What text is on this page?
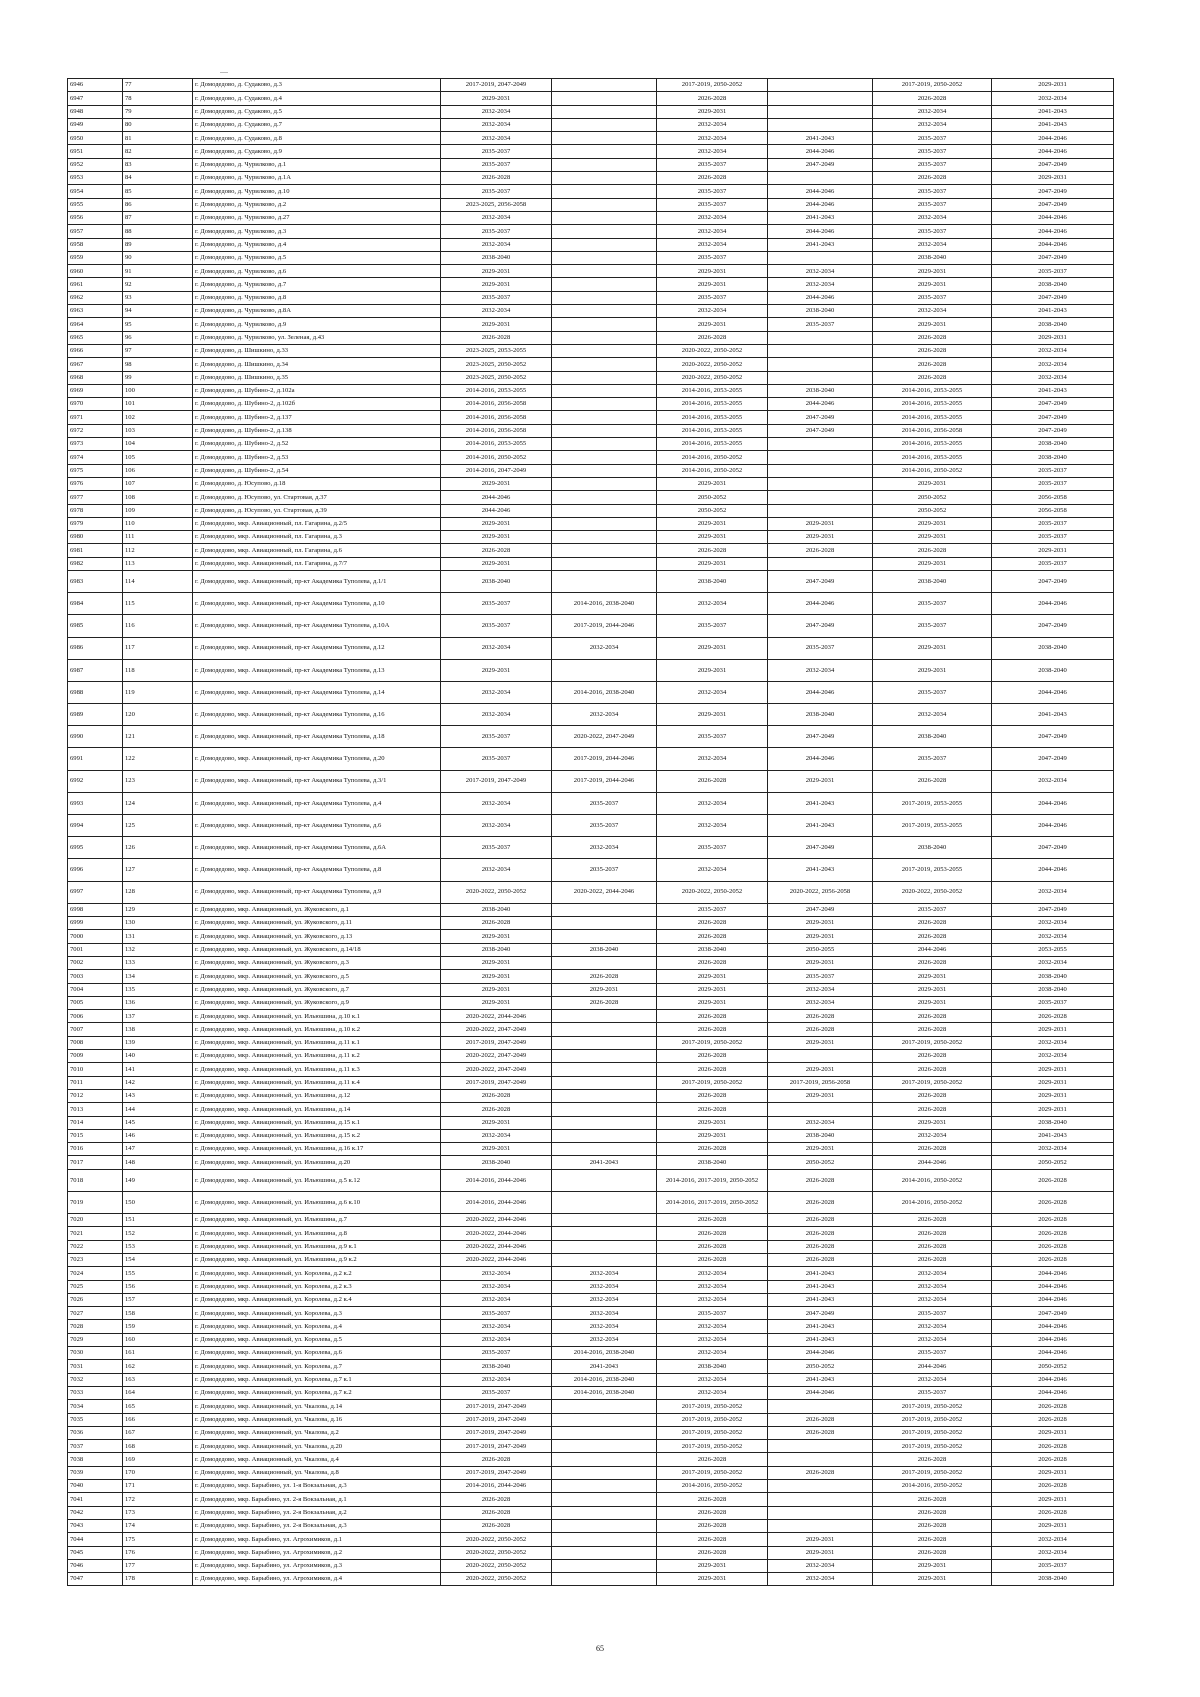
6946	77	г. Домодедово, д. Судаково, д.3	2017-2019, 2047-2049		2017-2019, 2050-2052		2017-2019, 2050-2052	2029-2031
6947	78	г. Домодедово, д. Судаково, д.4	2029-2031		2026-2028		2026-2028	2032-2034
6948	79	г. Домодедово, д. Судаково, д.5	2032-2034		2029-2031		2032-2034	2041-2043
6949	80	г. Домодедово, д. Судаково, д.7	2032-2034		2032-2034		2032-2034	2041-2043
6950	81	г. Домодедово, д. Судаково, д.8	2032-2034		2032-2034	2041-2043	2035-2037	2044-2046
6951	82	г. Домодедово, д. Судаково, д.9	2035-2037		2032-2034	2044-2046	2035-2037	2044-2046
6952	83	г. Домодедово, д. Чурилково, д.1	2035-2037		2035-2037	2047-2049	2035-2037	2047-2049
6953	84	г. Домодедово, д. Чурилково, д.1А	2026-2028		2026-2028		2026-2028	2029-2031
6954	85	г. Домодедово, д. Чурилково, д.10	2035-2037		2035-2037	2044-2046	2035-2037	2047-2049
6955	86	г. Домодедово, д. Чурилково, д.2	2023-2025, 2056-2058		2035-2037	2044-2046	2035-2037	2047-2049
6956	87	г. Домодедово, д. Чурилково, д.27	2032-2034		2032-2034	2041-2043	2032-2034	2044-2046
6957	88	г. Домодедово, д. Чурилково, д.3	2035-2037		2032-2034	2044-2046	2035-2037	2044-2046
6958	89	г. Домодедово, д. Чурилково, д.4	2032-2034		2032-2034	2041-2043	2032-2034	2044-2046
6959	90	г. Домодедово, д. Чурилково, д.5	2038-2040		2035-2037		2038-2040	2047-2049
6960	91	г. Домодедово, д. Чурилково, д.6	2029-2031		2029-2031	2032-2034	2029-2031	2035-2037
6961	92	г. Домодедово, д. Чурилково, д.7	2029-2031		2029-2031	2032-2034	2029-2031	2038-2040
6962	93	г. Домодедово, д. Чурилково, д.8	2035-2037		2035-2037	2044-2046	2035-2037	2047-2049
6963	94	г. Домодедово, д. Чурилково, д.8А	2032-2034		2032-2034	2038-2040	2032-2034	2041-2043
6964	95	г. Домодедово, д. Чурилково, д.9	2029-2031		2029-2031	2035-2037	2029-2031	2038-2040
6965	96	г. Домодедово, д. Чурилково, ул. Зеленая, д.43	2026-2028		2026-2028		2026-2028	2029-2031
6966	97	г. Домодедово, д. Шишкино, д.33	2023-2025, 2053-2055		2020-2022, 2050-2052		2026-2028	2032-2034
6967	98	г. Домодедово, д. Шишкино, д.34	2023-2025, 2050-2052		2020-2022, 2050-2052		2026-2028	2032-2034
6968	99	г. Домодедово, д. Шишкино, д.35	2023-2025, 2050-2052		2020-2022, 2050-2052		2026-2028	2032-2034
6969	100	г. Домодедово, д. Шубино-2, д.102а	2014-2016, 2053-2055		2014-2016, 2053-2055	2038-2040	2014-2016, 2053-2055	2041-2043
6970	101	г. Домодедово, д. Шубино-2, д.102б	2014-2016, 2056-2058		2014-2016, 2053-2055	2044-2046	2014-2016, 2053-2055	2047-2049
6971	102	г. Домодедово, д. Шубино-2, д.137	2014-2016, 2056-2058		2014-2016, 2053-2055	2047-2049	2014-2016, 2053-2055	2047-2049
6972	103	г. Домодедово, д. Шубино-2, д.138	2014-2016, 2056-2058		2014-2016, 2053-2055	2047-2049	2014-2016, 2056-2058	2047-2049
6973	104	г. Домодедово, д. Шубино-2, д.52	2014-2016, 2053-2055		2014-2016, 2053-2055		2014-2016, 2053-2055	2038-2040
6974	105	г. Домодедово, д. Шубино-2, д.53	2014-2016, 2050-2052		2014-2016, 2050-2052		2014-2016, 2053-2055	2038-2040
6975	106	г. Домодедово, д. Шубино-2, д.54	2014-2016, 2047-2049		2014-2016, 2050-2052		2014-2016, 2050-2052	2035-2037
6976	107	г. Домодедово, д. Юсупово, д.18	2029-2031		2029-2031		2029-2031	2035-2037
6977	108	г. Домодедово, д. Юсупово, ул. Стартовая, д.37	2044-2046		2050-2052		2050-2052	2056-2058
6978	109	г. Домодедово, д. Юсупово, ул. Стартовая, д.39	2044-2046		2050-2052		2050-2052	2056-2058
6979	110	г. Домодедово, мкр. Авиационный, пл. Гагарина, д.2/5	2029-2031		2029-2031	2029-2031	2029-2031	2035-2037
6980	111	г. Домодедово, мкр. Авиационный, пл. Гагарина, д.3	2029-2031		2029-2031	2029-2031	2029-2031	2035-2037
6981	112	г. Домодедово, мкр. Авиационный, пл. Гагарина, д.6	2026-2028		2026-2028	2026-2028	2026-2028	2029-2031
6982	113	г. Домодедово, мкр. Авиационный, пл. Гагарина, д.7/7	2029-2031		2029-2031		2029-2031	2035-2037
6983	114	г. Домодедово, мкр. Авиационный, пр-кт Академика Туполева, д.1/1	2038-2040		2038-2040	2047-2049	2038-2040	2047-2049
6984	115	г. Домодедово, мкр. Авиационный, пр-кт Академика Туполева, д.10	2035-2037	2014-2016, 2038-2040	2032-2034	2044-2046	2035-2037	2044-2046
6985	116	г. Домодедово, мкр. Авиационный, пр-кт Академика Туполева, д.10А	2035-2037	2017-2019, 2044-2046	2035-2037	2047-2049	2035-2037	2047-2049
6986	117	г. Домодедово, мкр. Авиационный, пр-кт Академика Туполева, д.12	2032-2034	2032-2034	2029-2031	2035-2037	2029-2031	2038-2040
6987	118	г. Домодедово, мкр. Авиационный, пр-кт Академика Туполева, д.13	2029-2031		2029-2031	2032-2034	2029-2031	2038-2040
6988	119	г. Домодедово, мкр. Авиационный, пр-кт Академика Туполева, д.14	2032-2034	2014-2016, 2038-2040	2032-2034	2044-2046	2035-2037	2044-2046
6989	120	г. Домодедово, мкр. Авиационный, пр-кт Академика Туполева, д.16	2032-2034	2032-2034	2029-2031	2038-2040	2032-2034	2041-2043
6990	121	г. Домодедово, мкр. Авиационный, пр-кт Академика Туполева, д.18	2035-2037	2020-2022, 2047-2049	2035-2037	2047-2049	2038-2040	2047-2049
6991	122	г. Домодедово, мкр. Авиационный, пр-кт Академика Туполева, д.20	2035-2037	2017-2019, 2044-2046	2032-2034	2044-2046	2035-2037	2047-2049
6992	123	г. Домодедово, мкр. Авиационный, пр-кт Академика Туполева, д.3/1	2017-2019, 2047-2049	2017-2019, 2044-2046	2026-2028	2029-2031	2026-2028	2032-2034
6993	124	г. Домодедово, мкр. Авиационный, пр-кт Академика Туполева, д.4	2032-2034	2035-2037	2032-2034	2041-2043	2017-2019, 2053-2055	2044-2046
6994	125	г. Домодедово, мкр. Авиационный, пр-кт Академика Туполева, д.6	2032-2034	2035-2037	2032-2034	2041-2043	2017-2019, 2053-2055	2044-2046
6995	126	г. Домодедово, мкр. Авиационный, пр-кт Академика Туполева, д.6А	2035-2037	2032-2034	2035-2037	2047-2049	2038-2040	2047-2049
6996	127	г. Домодедово, мкр. Авиационный, пр-кт Академика Туполева, д.8	2032-2034	2035-2037	2032-2034	2041-2043	2017-2019, 2053-2055	2044-2046
6997	128	г. Домодедово, мкр. Авиационный, пр-кт Академика Туполева, д.9	2020-2022, 2050-2052	2020-2022, 2044-2046	2020-2022, 2050-2052	2020-2022, 2056-2058	2020-2022, 2050-2052	2032-2034
6998	129	г. Домодедово, мкр. Авиационный, ул. Жуковского, д.1	2038-2040		2035-2037	2047-2049	2035-2037	2047-2049
6999	130	г. Домодедово, мкр. Авиационный, ул. Жуковского, д.11	2026-2028		2026-2028	2029-2031	2026-2028	2032-2034
7000	131	г. Домодедово, мкр. Авиационный, ул. Жуковского, д.13	2029-2031		2026-2028	2029-2031	2026-2028	2032-2034
7001	132	г. Домодедово, мкр. Авиационный, ул. Жуковского, д.14/18	2038-2040	2038-2040	2038-2040	2050-2055	2044-2046	2053-2055
7002	133	г. Домодедово, мкр. Авиационный, ул. Жуковского, д.3	2029-2031		2026-2028	2029-2031	2026-2028	2032-2034
7003	134	г. Домодедово, мкр. Авиационный, ул. Жуковского, д.5	2029-2031	2026-2028	2029-2031	2035-2037	2029-2031	2038-2040
7004	135	г. Домодедово, мкр. Авиационный, ул. Жуковского, д.7	2029-2031	2029-2031	2029-2031	2032-2034	2029-2031	2038-2040
7005	136	г. Домодедово, мкр. Авиационный, ул. Жуковского, д.9	2029-2031	2026-2028	2029-2031	2032-2034	2029-2031	2035-2037
7006	137	г. Домодедово, мкр. Авиационный, ул. Ильюшина, д.10 к.1	2020-2022, 2044-2046		2026-2028	2026-2028	2026-2028	2026-2028
7007	138	г. Домодедово, мкр. Авиационный, ул. Ильюшина, д.10 к.2	2020-2022, 2047-2049		2026-2028	2026-2028	2026-2028	2029-2031
7008	139	г. Домодедово, мкр. Авиационный, ул. Ильюшина, д.11 к.1	2017-2019, 2047-2049		2017-2019, 2050-2052	2029-2031	2017-2019, 2050-2052	2032-2034
7009	140	г. Домодедово, мкр. Авиационный, ул. Ильюшина, д.11 к.2	2020-2022, 2047-2049		2026-2028		2026-2028	2032-2034
7010	141	г. Домодедово, мкр. Авиационный, ул. Ильюшина, д.11 к.3	2020-2022, 2047-2049		2026-2028	2029-2031	2026-2028	2029-2031
7011	142	г. Домодедово, мкр. Авиационный, ул. Ильюшина, д.11 к.4	2017-2019, 2047-2049		2017-2019, 2050-2052	2017-2019, 2056-2058	2017-2019, 2050-2052	2029-2031
7012	143	г. Домодедово, мкр. Авиационный, ул. Ильюшина, д.12	2026-2028		2026-2028	2029-2031	2026-2028	2029-2031
7013	144	г. Домодедово, мкр. Авиационный, ул. Ильюшина, д.14	2026-2028		2026-2028		2026-2028	2029-2031
7014	145	г. Домодедово, мкр. Авиационный, ул. Ильюшина, д.15 к.1	2029-2031		2029-2031	2032-2034	2029-2031	2038-2040
7015	146	г. Домодедово, мкр. Авиационный, ул. Ильюшина, д.15 к.2	2032-2034		2029-2031	2038-2040	2032-2034	2041-2043
7016	147	г. Домодедово, мкр. Авиационный, ул. Ильюшина, д.16 к.17	2029-2031		2026-2028	2029-2031	2026-2028	2032-2034
7017	148	г. Домодедово, мкр. Авиационный, ул. Ильюшина, д.20	2038-2040	2041-2043	2038-2040	2050-2052	2044-2046	2050-2052
7018	149	г. Домодедово, мкр. Авиационный, ул. Ильюшина, д.5 к.12	2014-2016, 2044-2046		2014-2016, 2017-2019, 2050-2052	2026-2028	2014-2016, 2050-2052	2026-2028
7019	150	г. Домодедово, мкр. Авиационный, ул. Ильюшина, д.6 к.10	2014-2016, 2044-2046		2014-2016, 2017-2019, 2050-2052	2026-2028	2014-2016, 2050-2052	2026-2028
7020	151	г. Домодедово, мкр. Авиационный, ул. Ильюшина, д.7	2020-2022, 2044-2046		2026-2028	2026-2028	2026-2028	2026-2028
7021	152	г. Домодедово, мкр. Авиационный, ул. Ильюшина, д.8	2020-2022, 2044-2046		2026-2028	2026-2028	2026-2028	2026-2028
7022	153	г. Домодедово, мкр. Авиационный, ул. Ильюшина, д.9 к.1	2020-2022, 2044-2046		2026-2028	2026-2028	2026-2028	2026-2028
7023	154	г. Домодедово, мкр. Авиационный, ул. Ильюшина, д.9 к.2	2020-2022, 2044-2046		2026-2028	2026-2028	2026-2028	2026-2028
7024	155	г. Домодедово, мкр. Авиационный, ул. Королева, д.2 к.2	2032-2034	2032-2034	2032-2034	2041-2043	2032-2034	2044-2046
7025	156	г. Домодедово, мкр. Авиационный, ул. Королева, д.2 к.3	2032-2034	2032-2034	2032-2034	2041-2043	2032-2034	2044-2046
7026	157	г. Домодедово, мкр. Авиационный, ул. Королева, д.2 к.4	2032-2034	2032-2034	2032-2034	2041-2043	2032-2034	2044-2046
7027	158	г. Домодедово, мкр. Авиационный, ул. Королева, д.3	2035-2037	2032-2034	2035-2037	2047-2049	2035-2037	2047-2049
7028	159	г. Домодедово, мкр. Авиационный, ул. Королева, д.4	2032-2034	2032-2034	2032-2034	2041-2043	2032-2034	2044-2046
7029	160	г. Домодедово, мкр. Авиационный, ул. Королева, д.5	2032-2034	2032-2034	2032-2034	2041-2043	2032-2034	2044-2046
7030	161	г. Домодедово, мкр. Авиационный, ул. Королева, д.6	2035-2037	2014-2016, 2038-2040	2032-2034	2044-2046	2035-2037	2044-2046
7031	162	г. Домодедово, мкр. Авиационный, ул. Королева, д.7	2038-2040	2041-2043	2038-2040	2050-2052	2044-2046	2050-2052
7032	163	г. Домодедово, мкр. Авиационный, ул. Королева, д.7 к.1	2032-2034	2014-2016, 2038-2040	2032-2034	2041-2043	2032-2034	2044-2046
7033	164	г. Домодедово, мкр. Авиационный, ул. Королева, д.7 к.2	2035-2037	2014-2016, 2038-2040	2032-2034	2044-2046	2035-2037	2044-2046
7034	165	г. Домодедово, мкр. Авиационный, ул. Чкалова, д.14	2017-2019, 2047-2049		2017-2019, 2050-2052		2017-2019, 2050-2052	2026-2028
7035	166	г. Домодедово, мкр. Авиационный, ул. Чкалова, д.16	2017-2019, 2047-2049		2017-2019, 2050-2052	2026-2028	2017-2019, 2050-2052	2026-2028
7036	167	г. Домодедово, мкр. Авиационный, ул. Чкалова, д.2	2017-2019, 2047-2049		2017-2019, 2050-2052	2026-2028	2017-2019, 2050-2052	2029-2031
7037	168	г. Домодедово, мкр. Авиационный, ул. Чкалова, д.20	2017-2019, 2047-2049		2017-2019, 2050-2052		2017-2019, 2050-2052	2026-2028
7038	169	г. Домодедово, мкр. Авиационный, ул. Чкалова, д.4	2026-2028		2026-2028		2026-2028	2026-2028
7039	170	г. Домодедово, мкр. Авиационный, ул. Чкалова, д.8	2017-2019, 2047-2049		2017-2019, 2050-2052	2026-2028	2017-2019, 2050-2052	2029-2031
7040	171	г. Домодедово, мкр. Барыбино, ул. 1-я Вокзальная, д.3	2014-2016, 2044-2046		2014-2016, 2050-2052		2014-2016, 2050-2052	2026-2028
7041	172	г. Домодедово, мкр. Барыбино, ул. 2-я Вокзальная, д.1	2026-2028		2026-2028		2026-2028	2029-2031
7042	173	г. Домодедово, мкр. Барыбино, ул. 2-я Вокзальная, д.2	2026-2028		2026-2028		2026-2028	2026-2028
7043	174	г. Домодедово, мкр. Барыбино, ул. 2-я Вокзальная, д.3	2026-2028		2026-2028		2026-2028	2029-2031
7044	175	г. Домодедово, мкр. Барыбино, ул. Агрохимиков, д.1	2020-2022, 2050-2052		2026-2028	2029-2031	2026-2028	2032-2034
7045	176	г. Домодедово, мкр. Барыбино, ул. Агрохимиков, д.2	2020-2022, 2050-2052		2026-2028	2029-2031	2026-2028	2032-2034
7046	177	г. Домодедово, мкр. Барыбино, ул. Агрохимиков, д.3	2020-2022, 2050-2052		2029-2031	2032-2034	2029-2031	2035-2037
7047	178	г. Домодедово, мкр. Барыбино, ул. Агрохимиков, д.4	2020-2022, 2050-2052		2029-2031	2032-2034	2029-2031	2038-2040
65
